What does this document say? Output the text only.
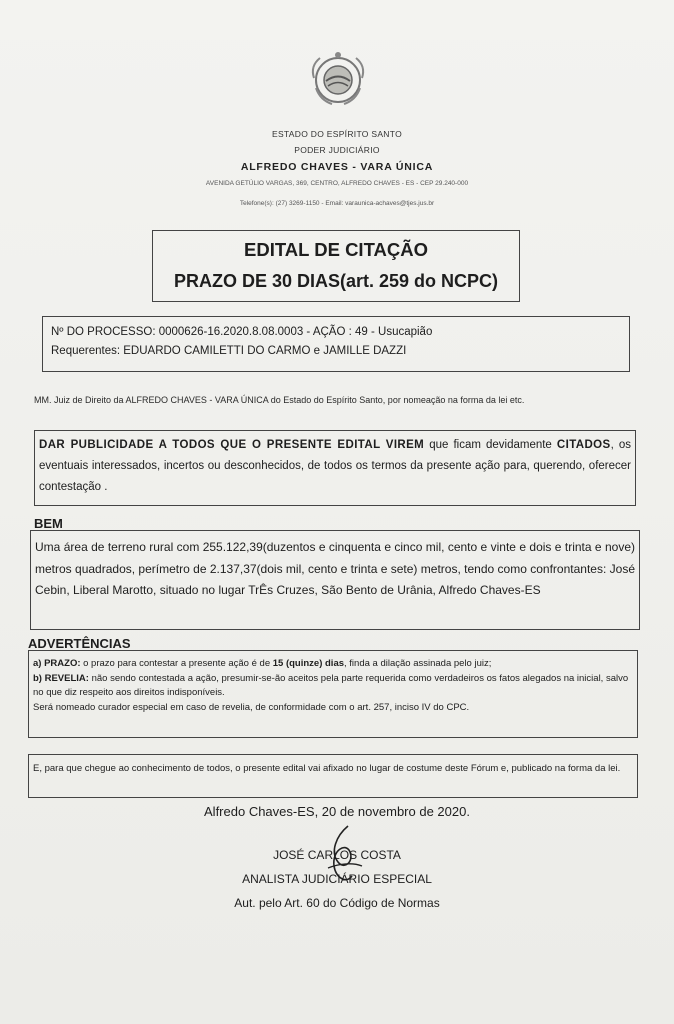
ESTADO DO ESPÍRITO SANTO
PODER JUDICIÁRIO
ALFREDO CHAVES - VARA ÚNICA
AVENIDA GETÚLIO VARGAS, 369, CENTRO, ALFREDO CHAVES - ES - CEP 29.240-000
Telefone(s): (27) 3269-1150 - Email: varaunica-achaves@tjes.jus.br
EDITAL DE CITAÇÃO
PRAZO DE 30 DIAS(art. 259 do NCPC)
Nº DO PROCESSO: 0000626-16.2020.8.08.0003 - AÇÃO : 49 - Usucapião
Requerentes: EDUARDO CAMILETTI DO CARMO e JAMILLE DAZZI
MM. Juiz de Direito da ALFREDO CHAVES - VARA ÚNICA do Estado do Espírito Santo, por nomeação na forma da lei etc.
DAR PUBLICIDADE A TODOS QUE O PRESENTE EDITAL VIREM que ficam devidamente CITADOS, os eventuais interessados, incertos ou desconhecidos, de todos os termos da presente ação para, querendo, oferecer contestação .
BEM
Uma área de terreno rural com 255.122,39(duzentos e cinquenta e cinco mil, cento e vinte e dois e trinta e nove) metros quadrados, perímetro de 2.137,37(dois mil, cento e trinta e sete) metros, tendo como confrontantes: José Cebin, Liberal Marotto, situado no lugar TrÊs Cruzes, São Bento de Urânia, Alfredo Chaves-ES
ADVERTÊNCIAS
a) PRAZO: o prazo para contestar a presente ação é de 15 (quinze) dias, finda a dilação assinada pelo juiz;
b) REVELIA: não sendo contestada a ação, presumir-se-ão aceitos pela parte requerida como verdadeiros os fatos alegados na inicial, salvo no que diz respeito aos direitos indisponíveis.
Será nomeado curador especial em caso de revelia, de conformidade com o art. 257, inciso IV do CPC.
E, para que chegue ao conhecimento de todos, o presente edital vai afixado no lugar de costume deste Fórum e, publicado na forma da lei.
Alfredo Chaves-ES, 20 de novembro de 2020.
JOSÉ CARLOS COSTA
ANALISTA JUDICIÁRIO ESPECIAL
Aut. pelo Art. 60 do Código de Normas
